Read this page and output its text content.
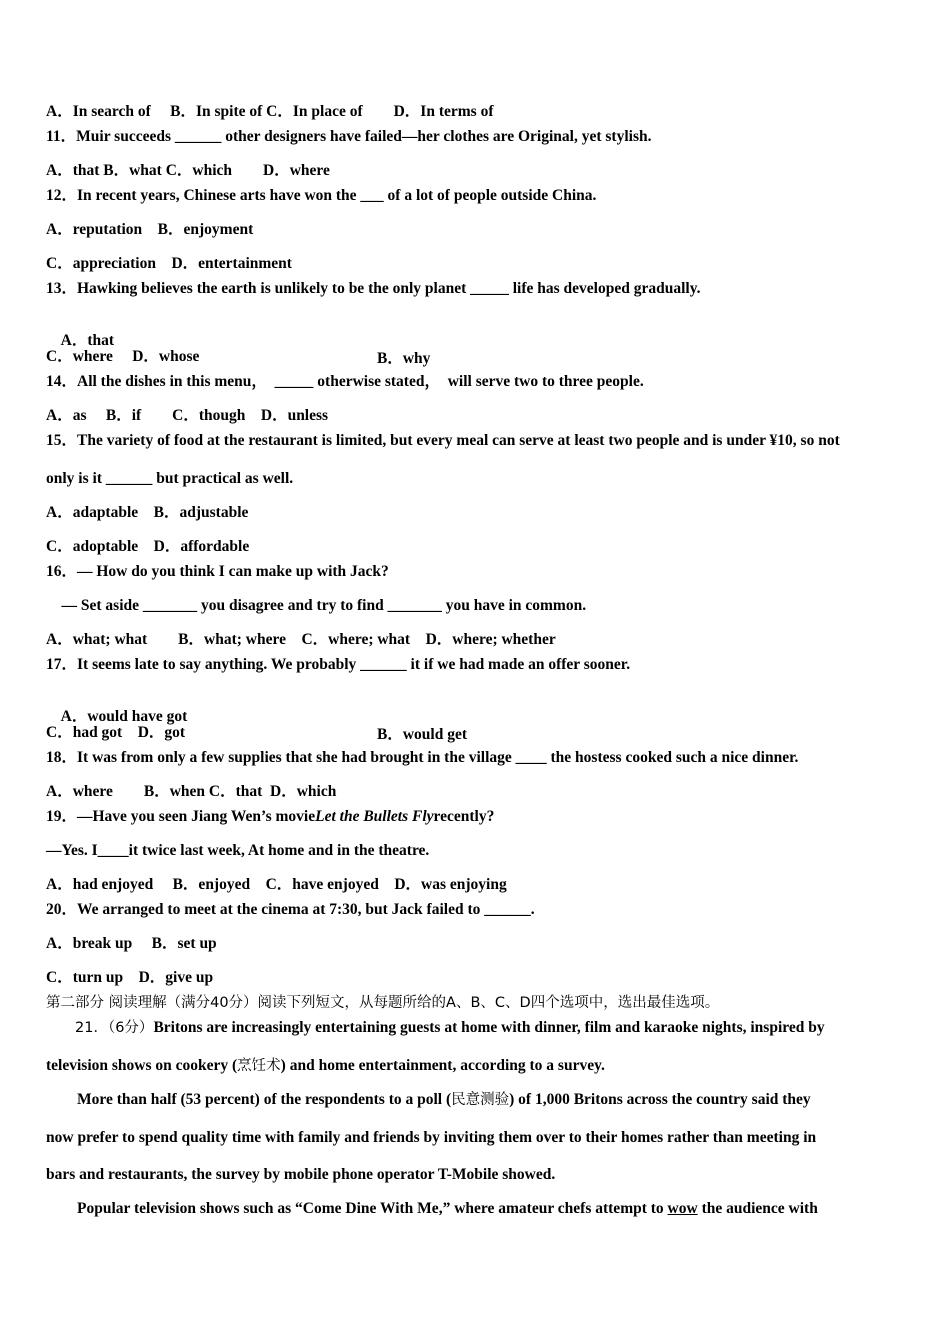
A．In search of　 B．In spite of C．In place of　　D．In terms of
11．Muir succeeds ______ other designers have failed—her clothes are Original, yet stylish.
A．that B．what C．which　　D．where
12．In recent years, Chinese arts have won the ___ of a lot of people outside China.
A．reputation　B．enjoyment
C．appreciation　D．entertainment
13．Hawking believes the earth is unlikely to be the only planet _____ life has developed gradually.

A．that

B．why

C．where　 D．whose
14．All the dishes in this menu，  _____ otherwise stated，  will serve two to three people.
A．as　 B．if　　C．though　D．unless
15．The variety of food at the restaurant is limited, but every meal can serve at least two people and is under ¥10, so not
only is it ______ but practical as well.
A．adaptable　B．adjustable
C．adoptable　D．affordable
16．— How do you think I can make up with Jack?
　— Set aside _______ you disagree and try to find _______ you have in common.
A．what; what　　B．what; where　C．where; what　D．where; whether
17．It seems late to say anything. We probably ______ it if we had made an offer sooner.

A．would have got

B．would get

C．had got　D．got
18．It was from only a few supplies that she had brought in the village ____ the hostess cooked such a nice dinner.
A．where　　B．when C．that  D．which
19．—Have you seen Jiang Wen’s movieLet the Bullets Flyrecently?
—Yes. I____it twice last week, At home and in the theatre.
A．had enjoyed　 B．enjoyed　C．have enjoyed　D．was enjoying
20．We arranged to meet at the cinema at 7:30, but Jack failed to ______.
A．break up　 B．set up
C．turn up　D．give up
第二部分 阅读理解（满分40分）阅读下列短文，从每题所给的A、B、C、D四个选项中，选出最佳选项。
　　21．（6分）Britons are increasingly entertaining guests at home with dinner, film and karaoke nights, inspired by
television shows on cookery (烹饪术) and home entertainment, according to a survey.
　　More than half (53 percent) of the respondents to a poll (民意测验) of 1,000 Britons across the country said they
now prefer to spend quality time with family and friends by inviting them over to their homes rather than meeting in
bars and restaurants, the survey by mobile phone operator T-Mobile showed.
　　Popular television shows such as “Come Dine With Me,” where amateur chefs attempt to wow the audience with
